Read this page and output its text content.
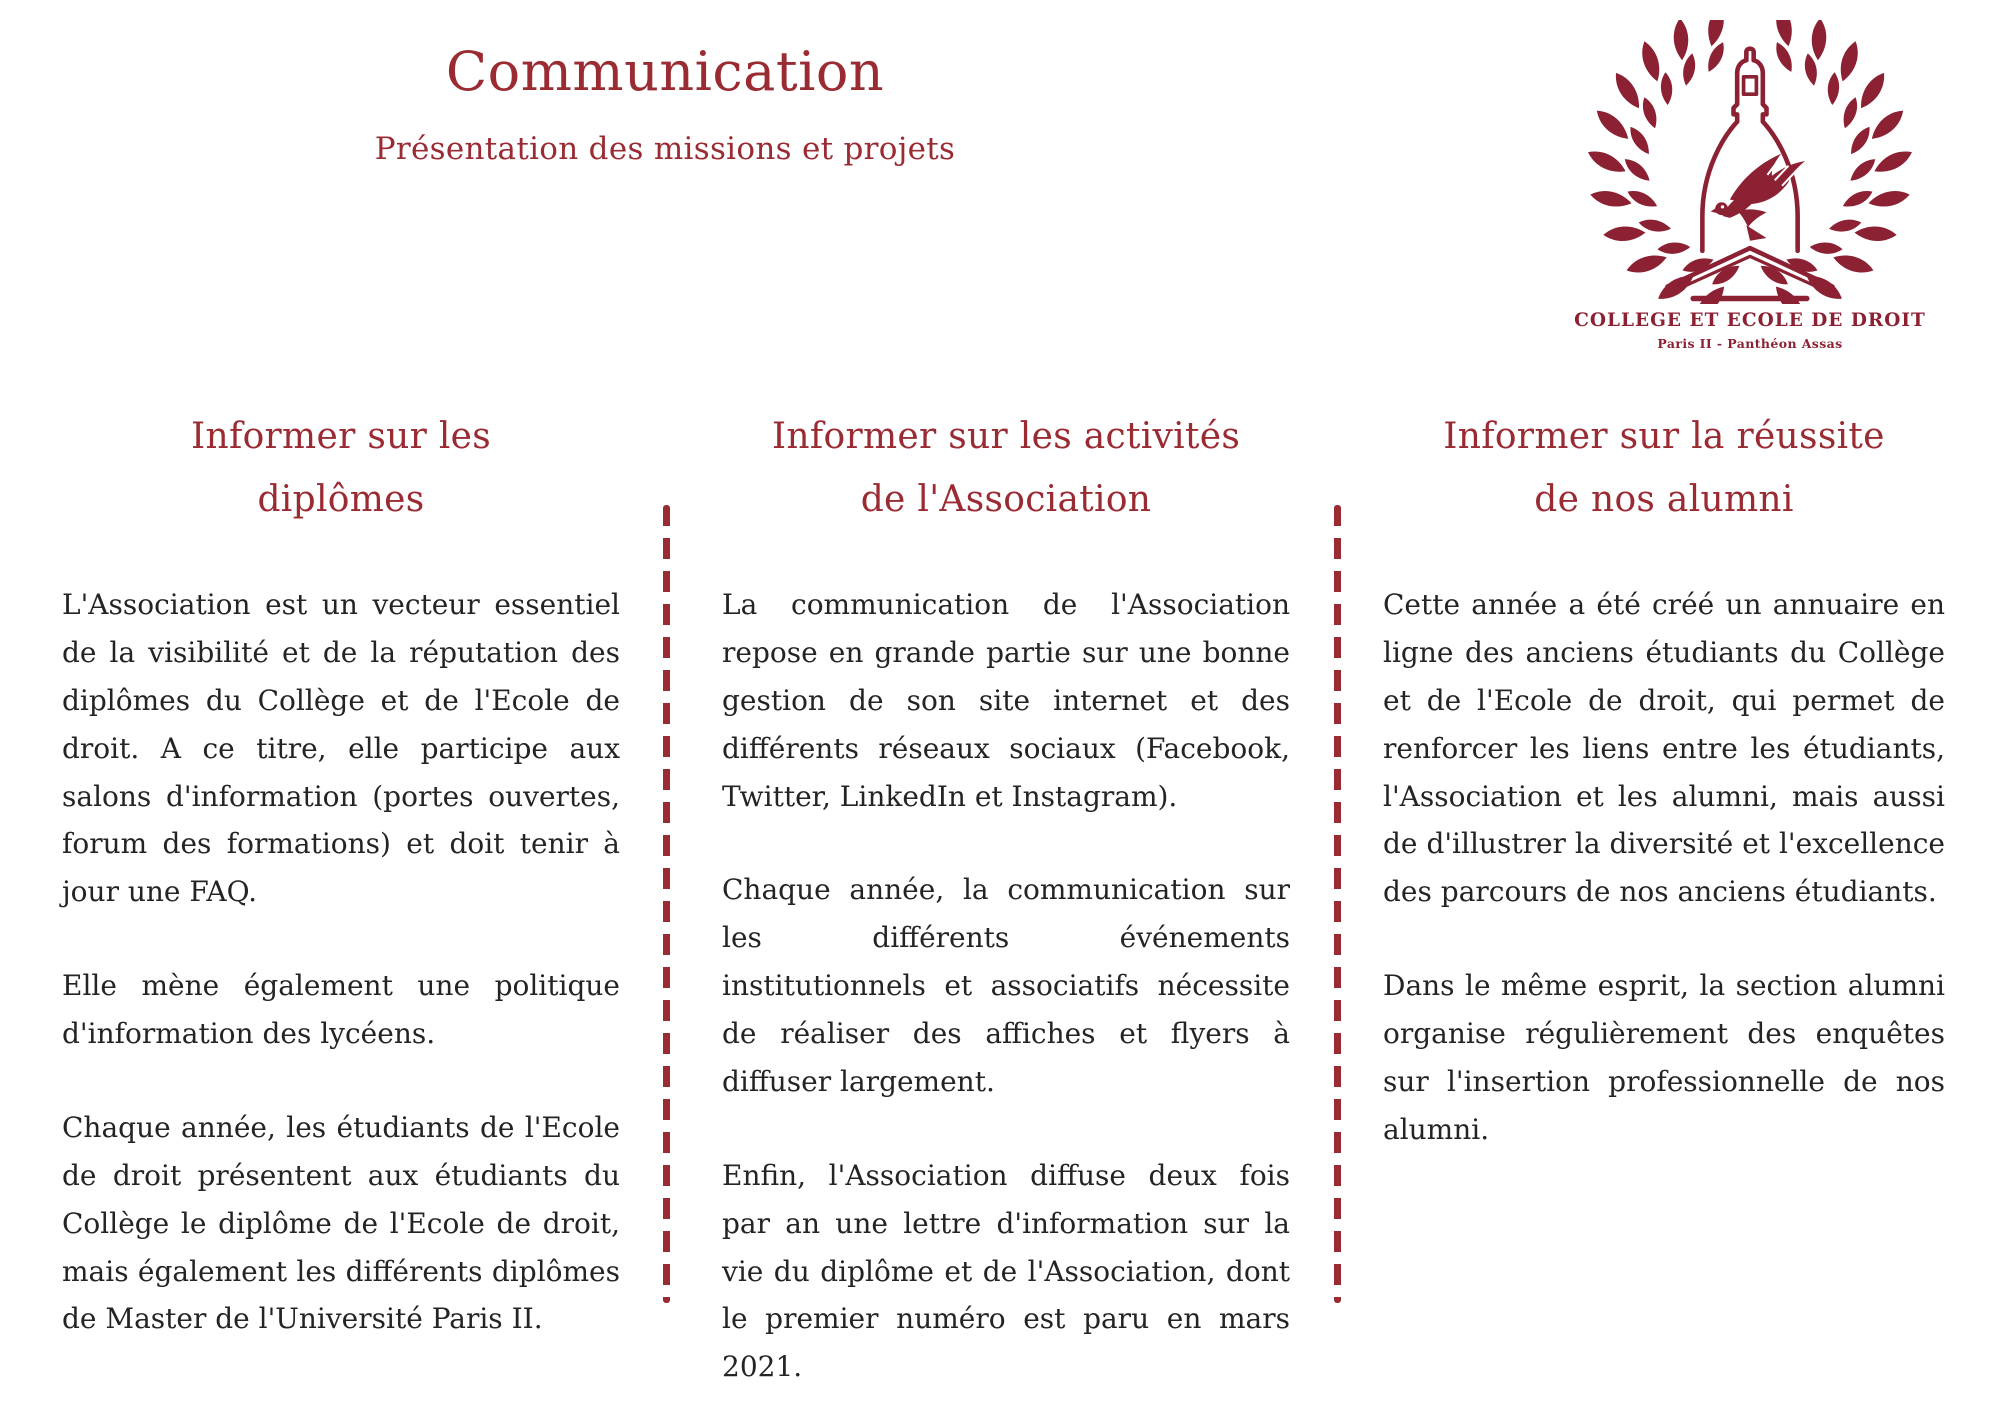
Communication
Présentation des missions et projets
COLLEGE ET ECOLE DE DROIT
Paris II - Panthéon Assas
Informer sur les
diplômes

L'Association est un vecteur essentiel de la visibilité et de la réputation des diplômes du Collège et de l'Ecole de droit. A ce titre, elle participe aux salons d'information (portes ouvertes, forum des formations) et doit tenir à jour une FAQ.

Elle mène également une politique d'information des lycéens.

Chaque année, les étudiants de l'Ecole de droit présentent aux étudiants du Collège le diplôme de l'Ecole de droit, mais également les différents diplômes de Master de l'Université Paris II.

Informer sur les activités
de l'Association

La communication de l'Association repose en grande partie sur une bonne gestion de son site internet et des différents réseaux sociaux (Facebook, Twitter, LinkedIn et Instagram).

Chaque année, la communication sur les différents événements institutionnels et associatifs nécessite de réaliser des affiches et flyers à diffuser largement.

Enfin, l'Association diffuse deux fois par an une lettre d'information sur la vie du diplôme et de l'Association, dont le premier numéro est paru en mars 2021.

Informer sur la réussite
de nos alumni

Cette année a été créé un annuaire en ligne des anciens étudiants du Collège et de l'Ecole de droit, qui permet de renforcer les liens entre les étudiants, l'Association et les alumni, mais aussi de d'illustrer la diversité et l'excellence des parcours de nos anciens étudiants.

Dans le même esprit, la section alumni organise régulièrement des enquêtes sur l'insertion professionnelle de nos alumni.
